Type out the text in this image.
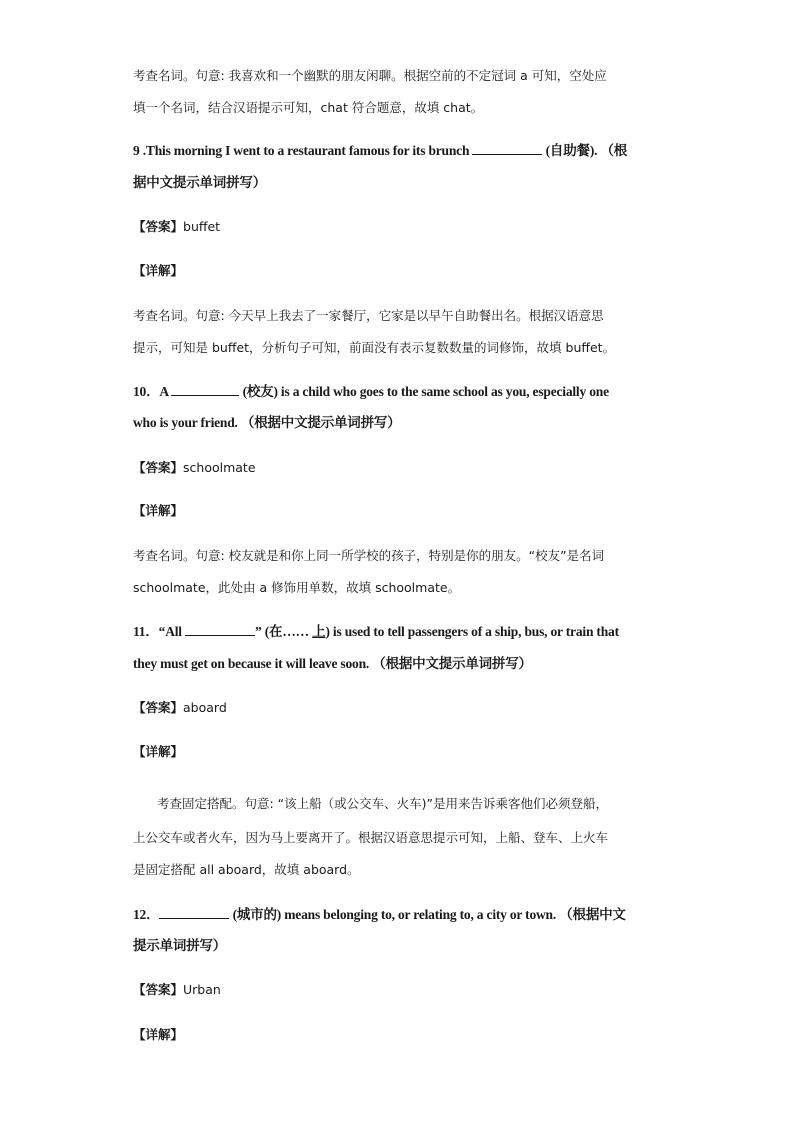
考查名词。句意: 我喜欢和一个幽默的朋友闲聊。根据空前的不定冠词 a 可知，空处应
填一个名词，结合汉语提示可知，chat 符合题意，故填 chat。
9 .This morning I went to a restaurant famous for its brunch	(自助餐). （根
据中文提示单词拼写）
【答案】buffet
【详解】
考查名词。句意: 今天早上我去了一家餐厅，它家是以早午自助餐出名。根据汉语意思
提示，可知是 buffet，分析句子可知，前面没有表示复数数量的词修饰，故填 buffet。
10．A	(校友) is a child who goes to the same school as you, especially one
who is your friend. （根据中文提示单词拼写）
【答案】schoolmate
【详解】
考查名词。句意: 校友就是和你上同一所学校的孩子，特别是你的朋友。“校友”是名词
schoolmate，此处由 a 修饰用单数，故填 schoolmate。
11．“All	” (在…… 上) is used to tell passengers of a ship, bus, or train that
they must get on because it will leave soon. （根据中文提示单词拼写）
【答案】aboard
【详解】
考查固定搭配。句意: “该上船（或公交车、火车)”是用来告诉乘客他们必须登船，
上公交车或者火车，因为马上要离开了。根据汉语意思提示可知，上船、登车、上火车
是固定搭配 all aboard，故填 aboard。
12．	(城市的) means belonging to, or relating to, a city or town. （根据中文
提示单词拼写）
【答案】Urban
【详解】
